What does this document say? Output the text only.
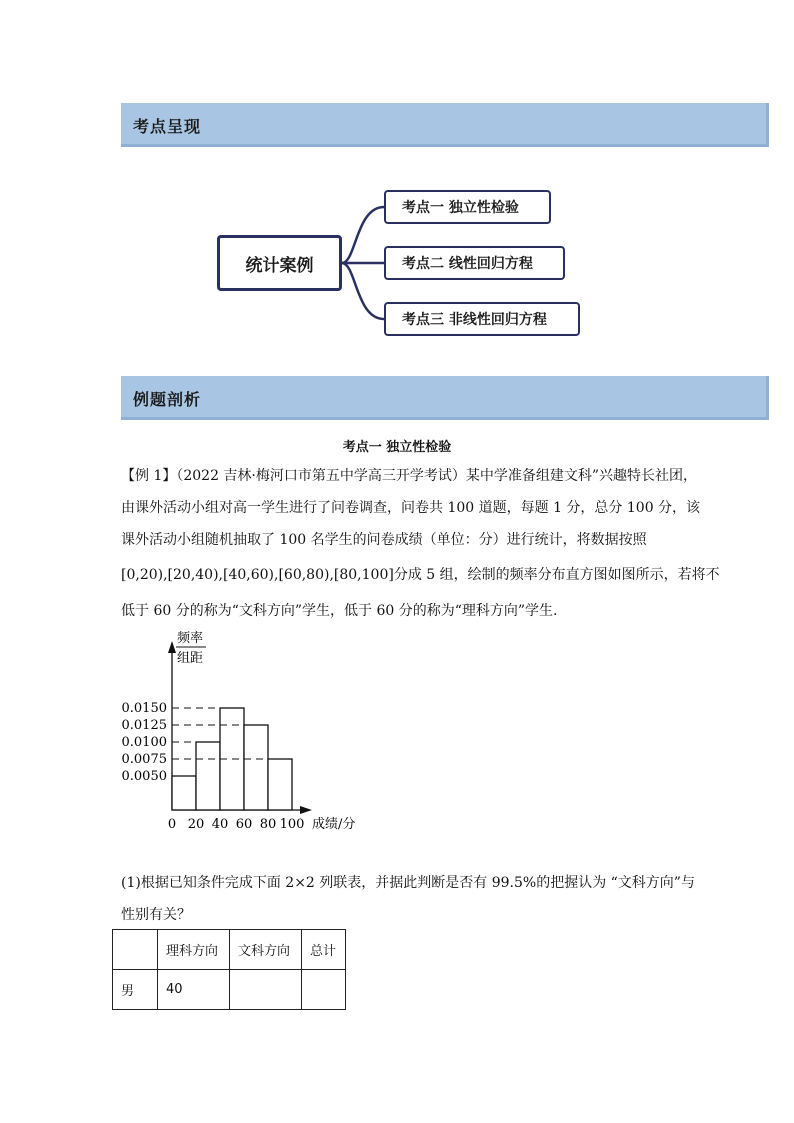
考点呈现
统计案例
考点一 独立性检验
考点二 线性回归方程
考点三 非线性回归方程
例题剖析
考点一 独立性检验
【例 1】（2022 吉林·梅河口市第五中学高三开学考试）某中学准备组建文科”兴趣特长社团，
由课外活动小组对高一学生进行了问卷调查，问卷共 100 道题，每题 1 分，总分 100 分，该
课外活动小组随机抽取了 100 名学生的问卷成绩（单位：分）进行统计，将数据按照
[0,20),[20,40),[40,60),[60,80),[80,100]分成 5 组，绘制的频率分布直方图如图所示，若将不
低于 60 分的称为“文科方向”学生，低于 60 分的称为“理科方向”学生.
频率
组距
成绩/分
0.0150
0.0125
0.0100
0.0075
0.0050
0 20 40 60 80 100
(1)根据已知条件完成下面 2×2 列联表，并据此判断是否有 99.5%的把握认为 “文科方向”与
性别有关？
	理科方向	文科方向	总计
男	40		
